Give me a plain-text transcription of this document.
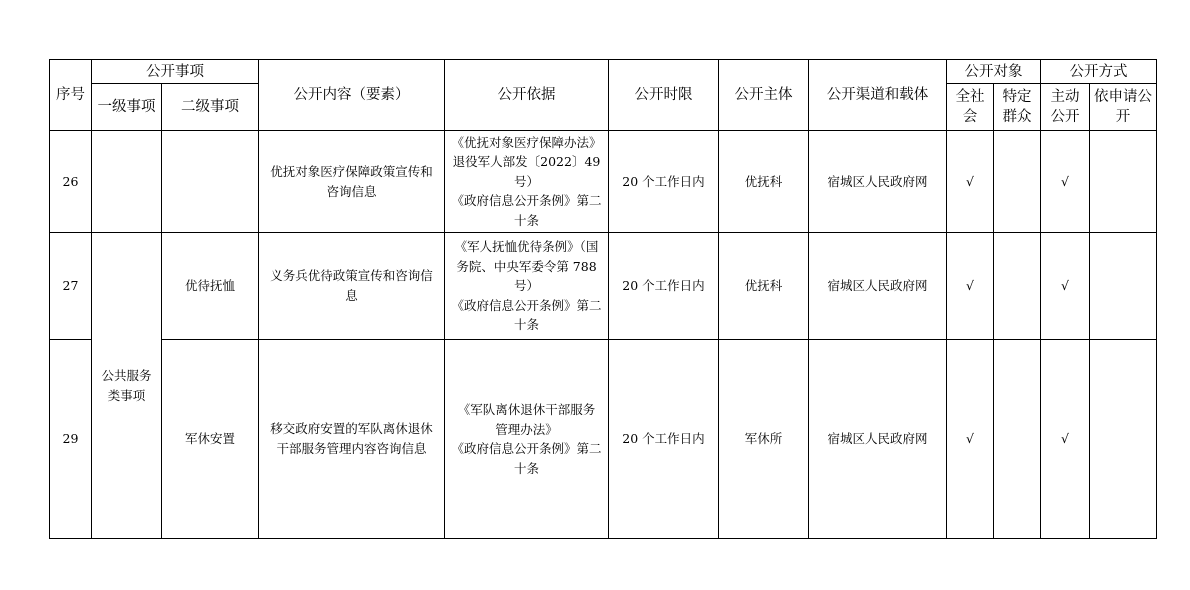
序号	公开事项		公开内容（要素）	公开依据	公开时限	公开主体	公开渠道和载体	公开对象		公开方式	
	一级事项	二级事项						全社会	特定群众	主动公开	依申请公开
26			优抚对象医疗保障政策宣传和咨询信息	《优抚对象医疗保障办法》
退役军人部发〔2022〕49
号）
《政府信息公开条例》第二
十条	20 个工作日内	优抚科	宿城区人民政府网	√		√	
27	公共服务类事项	优待抚恤	义务兵优待政策宣传和咨询信息	《军人抚恤优待条例》（国
务院、中央军委令第 788
号）
《政府信息公开条例》第二
十条	20 个工作日内	优抚科	宿城区人民政府网	√		√	
29		军休安置	移交政府安置的军队离休退休干部服务管理内容咨询信息	《军队离休退休干部服务
管理办法》
《政府信息公开条例》第二
十条	20 个工作日内	军休所	宿城区人民政府网	√		√	
